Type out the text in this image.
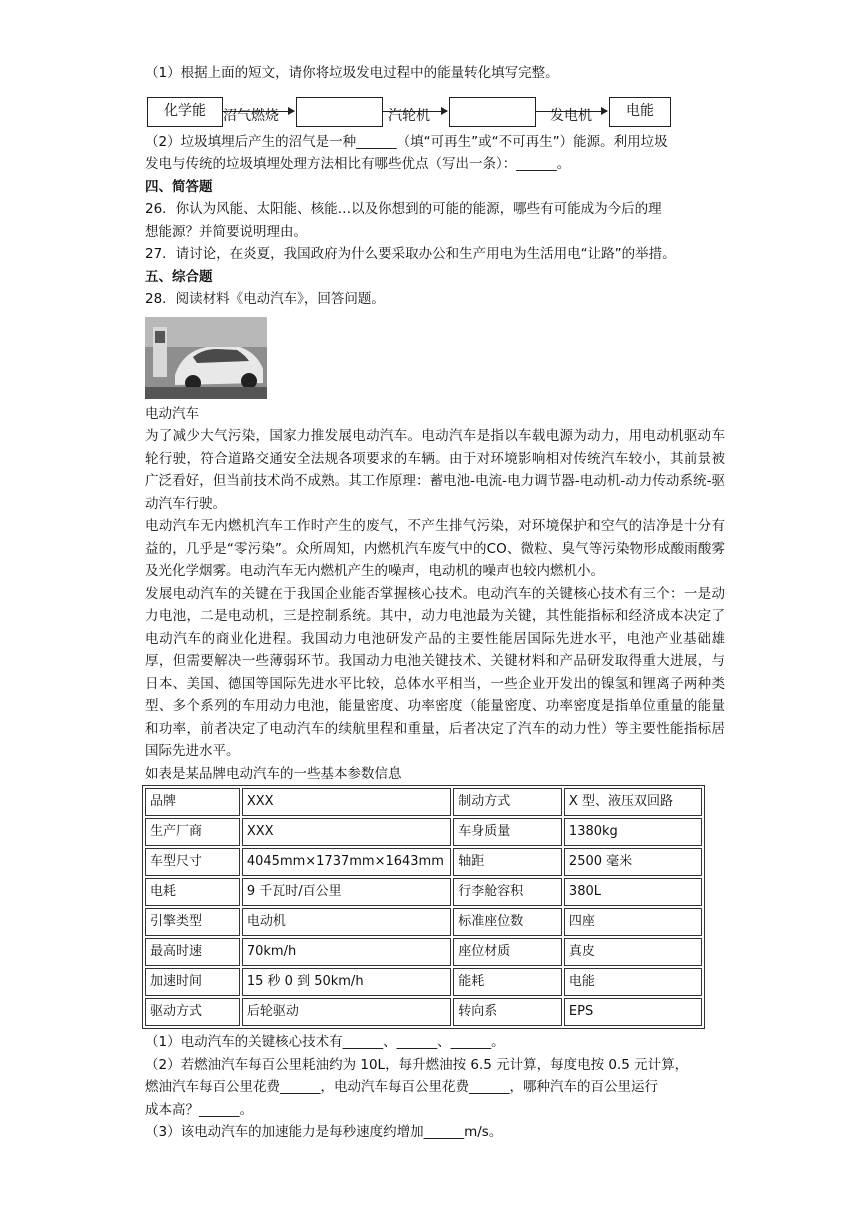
（1）根据上面的短文，请你将垃圾发电过程中的能量转化填写完整。
化学能	沼气燃烧	汽轮机	发电机	电能
（2）垃圾填埋后产生的沼气是一种______（填“可再生”或“不可再生”）能源。利用垃圾
发电与传统的垃圾填埋处理方法相比有哪些优点（写出一条）：______。
四、简答题
26．你认为风能、太阳能、核能…以及你想到的可能的能源，哪些有可能成为今后的理
想能源？并简要说明理由。
27．请讨论，在炎夏，我国政府为什么要采取办公和生产用电为生活用电“让路”的举措。
五、综合题
28．阅读材料《电动汽车》，回答问题。
电动汽车
为了减少大气污染，国家力推发展电动汽车。电动汽车是指以车载电源为动力，用电动机驱动车轮行驶，符合道路交通安全法规各项要求的车辆。由于对环境影响相对传统汽车较小，其前景被广泛看好，但当前技术尚不成熟。其工作原理：蓄电池-电流-电力调节器-电动机-动力传动系统-驱动汽车行驶。
电动汽车无内燃机汽车工作时产生的废气，不产生排气污染，对环境保护和空气的洁净是十分有益的，几乎是“零污染”。众所周知，内燃机汽车废气中的CO、微粒、臭气等污染物形成酸雨酸雾及光化学烟雾。电动汽车无内燃机产生的噪声，电动机的噪声也较内燃机小。
发展电动汽车的关键在于我国企业能否掌握核心技术。电动汽车的关键核心技术有三个：一是动力电池，二是电动机，三是控制系统。其中，动力电池最为关键，其性能指标和经济成本决定了电动汽车的商业化进程。我国动力电池研发产品的主要性能居国际先进水平，电池产业基础雄厚，但需要解决一些薄弱环节。我国动力电池关键技术、关键材料和产品研发取得重大进展，与日本、美国、德国等国际先进水平比较，总体水平相当，一些企业开发出的镍氢和锂离子两种类型、多个系列的车用动力电池，能量密度、功率密度（能量密度、功率密度是指单位重量的能量和功率，前者决定了电动汽车的续航里程和重量，后者决定了汽车的动力性）等主要性能指标居国际先进水平。
如表是某品牌电动汽车的一些基本参数信息
品牌	XXX	制动方式	X 型、液压双回路
生产厂商	XXX	车身质量	1380kg
车型尺寸	4045mm×1737mm×1643mm	轴距	2500 毫米
电耗	9 千瓦时/百公里	行李舱容积	380L
引擎类型	电动机	标准座位数	四座
最高时速	70km/h	座位材质	真皮
加速时间	15 秒 0 到 50km/h	能耗	电能
驱动方式	后轮驱动	转向系	EPS
（1）电动汽车的关键核心技术有______、______、______。
（2）若燃油汽车每百公里耗油约为 10L，每升燃油按 6.5 元计算，每度电按 0.5 元计算，
燃油汽车每百公里花费______，电动汽车每百公里花费______，哪种汽车的百公里运行
成本高？______。
（3）该电动汽车的加速能力是每秒速度约增加______m/s。
